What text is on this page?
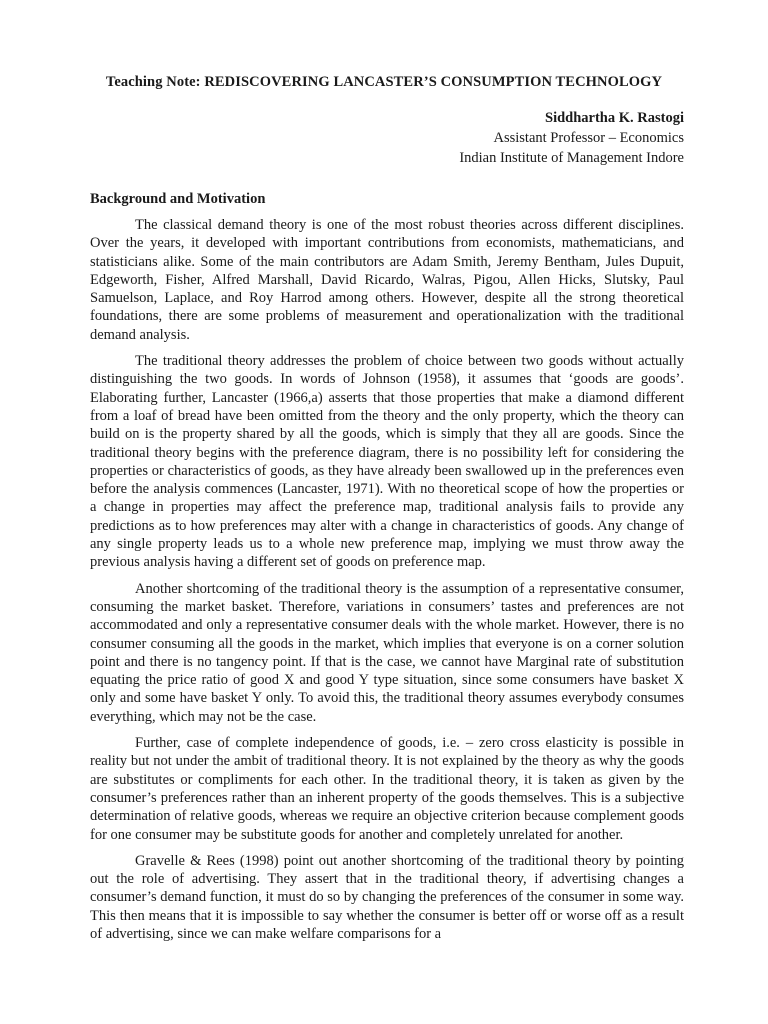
Teaching Note: REDISCOVERING LANCASTER’S CONSUMPTION TECHNOLOGY
Siddhartha K. Rastogi
Assistant Professor – Economics
Indian Institute of Management Indore
Background and Motivation

The classical demand theory is one of the most robust theories across different disciplines. Over the years, it developed with important contributions from economists, mathematicians, and statisticians alike. Some of the main contributors are Adam Smith, Jeremy Bentham, Jules Dupuit, Edgeworth, Fisher, Alfred Marshall, David Ricardo, Walras, Pigou, Allen Hicks, Slutsky, Paul Samuelson, Laplace, and Roy Harrod among others. However, despite all the strong theoretical foundations, there are some problems of measurement and operationalization with the traditional demand analysis.

The traditional theory addresses the problem of choice between two goods without actually distinguishing the two goods. In words of Johnson (1958), it assumes that ‘goods are goods’. Elaborating further, Lancaster (1966,a) asserts that those properties that make a diamond different from a loaf of bread have been omitted from the theory and the only property, which the theory can build on is the property shared by all the goods, which is simply that they all are goods. Since the traditional theory begins with the preference diagram, there is no possibility left for considering the properties or characteristics of goods, as they have already been swallowed up in the preferences even before the analysis commences (Lancaster, 1971). With no theoretical scope of how the properties or a change in properties may affect the preference map, traditional analysis fails to provide any predictions as to how preferences may alter with a change in characteristics of goods. Any change of any single property leads us to a whole new preference map, implying we must throw away the previous analysis having a different set of goods on preference map.

Another shortcoming of the traditional theory is the assumption of a representative consumer, consuming the market basket. Therefore, variations in consumers’ tastes and preferences are not accommodated and only a representative consumer deals with the whole market. However, there is no consumer consuming all the goods in the market, which implies that everyone is on a corner solution point and there is no tangency point. If that is the case, we cannot have Marginal rate of substitution equating the price ratio of good X and good Y type situation, since some consumers have basket X only and some have basket Y only. To avoid this, the traditional theory assumes everybody consumes everything, which may not be the case.

Further, case of complete independence of goods, i.e. – zero cross elasticity is possible in reality but not under the ambit of traditional theory. It is not explained by the theory as why the goods are substitutes or compliments for each other. In the traditional theory, it is taken as given by the consumer’s preferences rather than an inherent property of the goods themselves. This is a subjective determination of relative goods, whereas we require an objective criterion because complement goods for one consumer may be substitute goods for another and completely unrelated for another.

Gravelle & Rees (1998) point out another shortcoming of the traditional theory by pointing out the role of advertising. They assert that in the traditional theory, if advertising changes a consumer’s demand function, it must do so by changing the preferences of the consumer in some way. This then means that it is impossible to say whether the consumer is better off or worse off as a result of advertising, since we can make welfare comparisons for a
